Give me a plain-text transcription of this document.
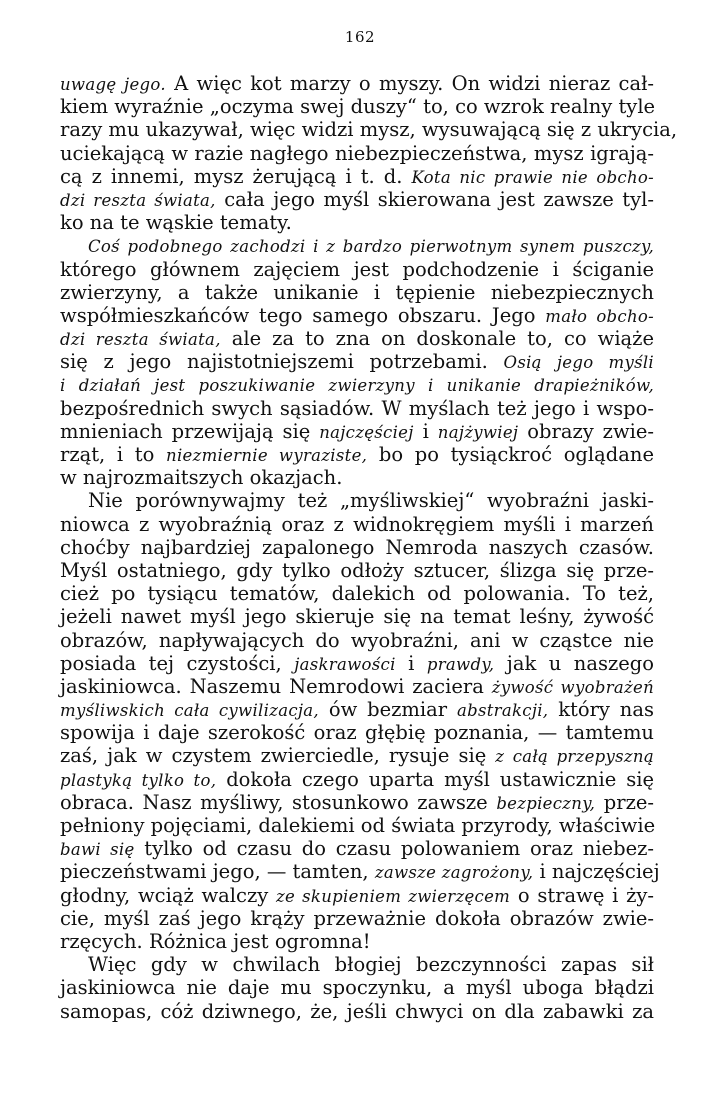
162
uwagę jego. A więc kot marzy o myszy. On widzi nieraz cał-
kiem wyraźnie „oczyma swej duszy“ to, co wzrok realny tyle
razy mu ukazywał, więc widzi mysz, wysuwającą się z ukrycia,
uciekającą w razie nagłego niebezpieczeństwa, mysz igrają-
cą z innemi, mysz żerującą i t. d. Kota nic prawie nie obcho-
dzi reszta świata, cała jego myśl skierowana jest zawsze tyl-
ko na te wąskie tematy.
Coś podobnego zachodzi i z bardzo pierwotnym synem puszczy,
którego głównem zajęciem jest podchodzenie i ściganie
zwierzyny, a także unikanie i tępienie niebezpiecznych
współmieszkańców tego samego obszaru. Jego mało obcho-
dzi reszta świata, ale za to zna on doskonale to, co wiąże
się z jego najistotniejszemi potrzebami. Osią jego myśli
i działań jest poszukiwanie zwierzyny i unikanie drapieżników,
bezpośrednich swych sąsiadów. W myślach też jego i wspo-
mnieniach przewijają się najczęściej i najżywiej obrazy zwie-
rząt, i to niezmiernie wyraziste, bo po tysiąckroć oglądane
w najrozmaitszych okazjach.
Nie porównywajmy też „myśliwskiej“ wyobraźni jaski-
niowca z wyobraźnią oraz z widnokręgiem myśli i marzeń
choćby najbardziej zapalonego Nemroda naszych czasów.
Myśl ostatniego, gdy tylko odłoży sztucer, ślizga się prze-
cież po tysiącu tematów, dalekich od polowania. To też,
jeżeli nawet myśl jego skieruje się na temat leśny, żywość
obrazów, napływających do wyobraźni, ani w cząstce nie
posiada tej czystości, jaskrawości i prawdy, jak u naszego
jaskiniowca. Naszemu Nemrodowi zaciera żywość wyobrażeń
myśliwskich cała cywilizacja, ów bezmiar abstrakcji, który nas
spowija i daje szerokość oraz głębię poznania, — tamtemu
zaś, jak w czystem zwierciedle, rysuje się z całą przepyszną
plastyką tylko to, dokoła czego uparta myśl ustawicznie się
obraca. Nasz myśliwy, stosunkowo zawsze bezpieczny, prze-
pełniony pojęciami, dalekiemi od świata przyrody, właściwie
bawi się tylko od czasu do czasu polowaniem oraz niebez-
pieczeństwami jego, — tamten, zawsze zagrożony, i najczęściej
głodny, wciąż walczy ze skupieniem zwierzęcem o strawę i ży-
cie, myśl zaś jego krąży przeważnie dokoła obrazów zwie-
rzęcych. Różnica jest ogromna!
Więc gdy w chwilach błogiej bezczynności zapas sił
jaskiniowca nie daje mu spoczynku, a myśl uboga błądzi
samopas, cóż dziwnego, że, jeśli chwyci on dla zabawki za
